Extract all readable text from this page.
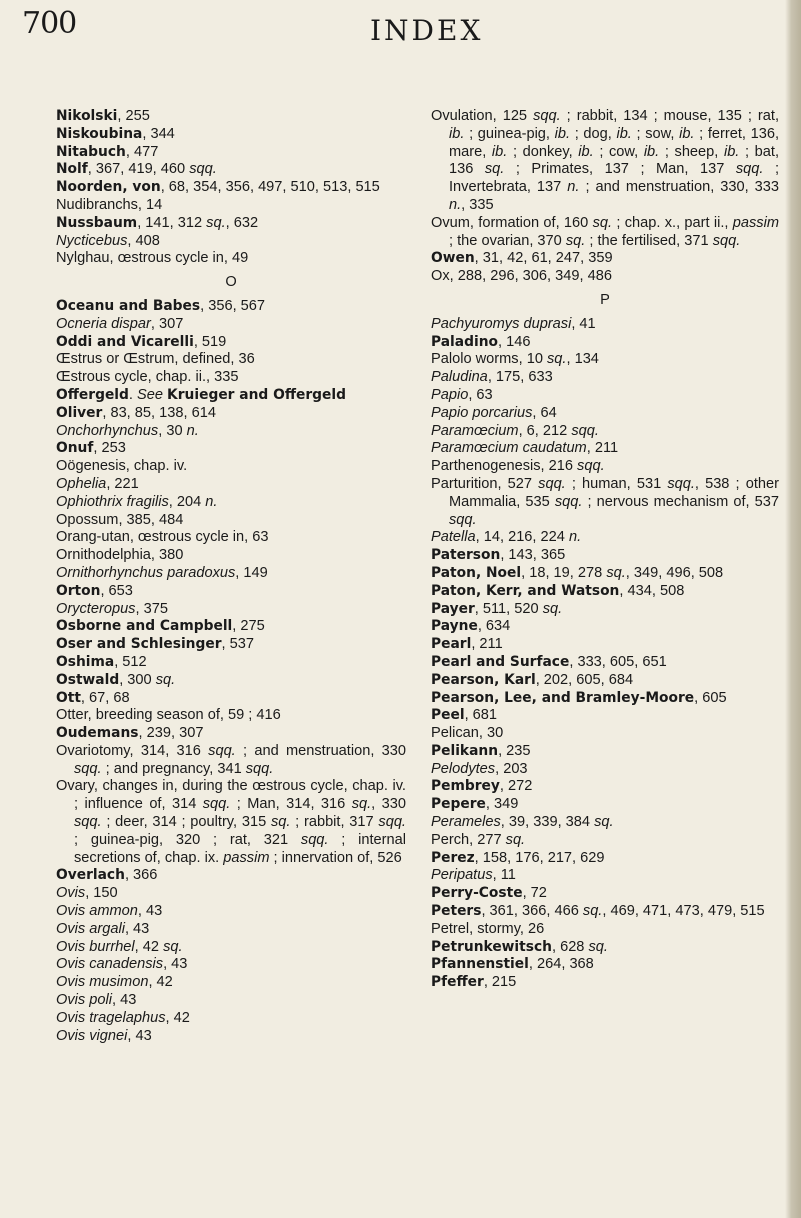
700	INDEX
Nikolski, 255
Niskoubina, 344
Nitabuch, 477
Nolf, 367, 419, 460 sqq.
Noorden, von, 68, 354, 356, 497, 510, 513, 515
Nudibranchs, 14
Nussbaum, 141, 312 sq., 632
Nycticebus, 408
Nylghau, œstrous cycle in, 49
O
Oceanu and Babes, 356, 567
Ocneria dispar, 307
Oddi and Vicarelli, 519
Œstrus or Œstrum, defined, 36
Œstrous cycle, chap. ii., 335
Offergeld. See Kruieger and Offergeld
Oliver, 83, 85, 138, 614
Onchorhynchus, 30 n.
Onuf, 253
Oögenesis, chap. iv.
Ophelia, 221
Ophiothrix fragilis, 204 n.
Opossum, 385, 484
Orang-utan, œstrous cycle in, 63
Ornithodelphia, 380
Ornithorhynchus paradoxus, 149
Orton, 653
Orycteropus, 375
Osborne and Campbell, 275
Oser and Schlesinger, 537
Oshima, 512
Ostwald, 300 sq.
Ott, 67, 68
Otter, breeding season of, 59 ; 416
Oudemans, 239, 307
Ovariotomy, 314, 316 sqq. ; and menstruation, 330 sqq. ; and pregnancy, 341 sqq.
Ovary, changes in, during the œstrous cycle, chap. iv. ; influence of, 314 sqq. ; Man, 314, 316 sq., 330 sqq. ; deer, 314 ; poultry, 315 sq. ; rabbit, 317 sqq. ; guinea-pig, 320 ; rat, 321 sqq. ; internal secretions of, chap. ix. passim ; innervation of, 526
Overlach, 366
Ovis, 150
Ovis ammon, 43
Ovis argali, 43
Ovis burrhel, 42 sq.
Ovis canadensis, 43
Ovis musimon, 42
Ovis poli, 43
Ovis tragelaphus, 42
Ovis vignei, 43
Ovulation, 125 sqq. ; rabbit, 134 ; mouse, 135 ; rat, ib. ; guinea-pig, ib. ; dog, ib. ; sow, ib. ; ferret, 136, mare, ib. ; donkey, ib. ; cow, ib. ; sheep, ib. ; bat, 136 sq. ; Primates, 137 ; Man, 137 sqq. ; Invertebrata, 137 n. ; and menstruation, 330, 333 n., 335
Ovum, formation of, 160 sq. ; chap. x., part ii., passim ; the ovarian, 370 sq. ; the fertilised, 371 sqq.
Owen, 31, 42, 61, 247, 359
Ox, 288, 296, 306, 349, 486
P
Pachyuromys duprasi, 41
Paladino, 146
Palolo worms, 10 sq., 134
Paludina, 175, 633
Papio, 63
Papio porcarius, 64
Paramœcium, 6, 212 sqq.
Paramœcium caudatum, 211
Parthenogenesis, 216 sqq.
Parturition, 527 sqq. ; human, 531 sqq., 538 ; other Mammalia, 535 sqq. ; nervous mechanism of, 537 sqq.
Patella, 14, 216, 224 n.
Paterson, 143, 365
Paton, Noel, 18, 19, 278 sq., 349, 496, 508
Paton, Kerr, and Watson, 434, 508
Payer, 511, 520 sq.
Payne, 634
Pearl, 211
Pearl and Surface, 333, 605, 651
Pearson, Karl, 202, 605, 684
Pearson, Lee, and Bramley-Moore, 605
Peel, 681
Pelican, 30
Pelikann, 235
Pelodytes, 203
Pembrey, 272
Pepere, 349
Perameles, 39, 339, 384 sq.
Perch, 277 sq.
Perez, 158, 176, 217, 629
Peripatus, 11
Perry-Coste, 72
Peters, 361, 366, 466 sq., 469, 471, 473, 479, 515
Petrel, stormy, 26
Petrunkewitsch, 628 sq.
Pfannenstiel, 264, 368
Pfeffer, 215
